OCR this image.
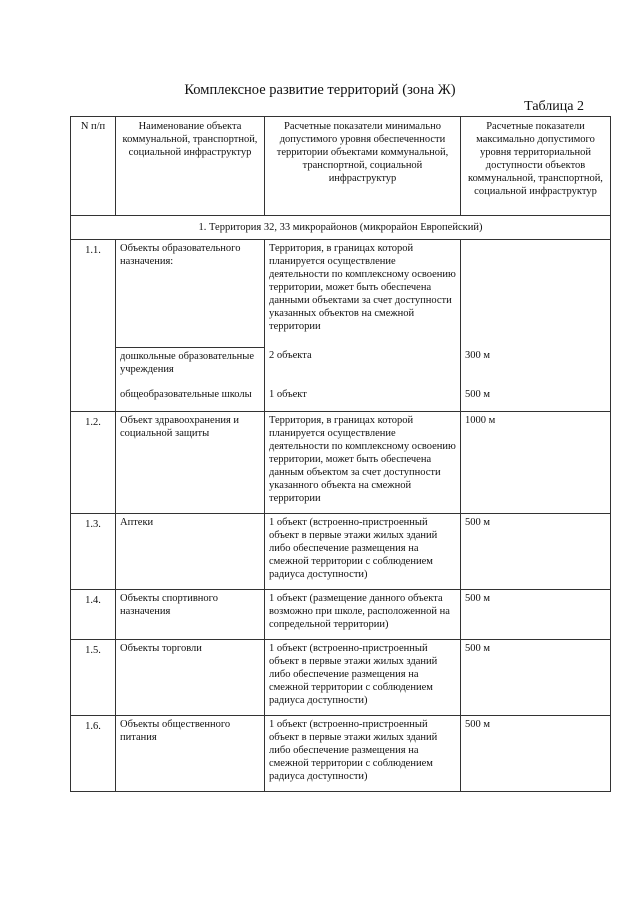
Комплексное развитие территорий (зона Ж)
Таблица 2
N п/п	Наименование объекта коммунальной, транспортной, социальной инфраструктур	Расчетные показатели минимально допустимого уровня обеспеченности территории объектами коммунальной, транспортной, социальной инфраструктур	Расчетные показатели максимально допустимого уровня территориальной доступности объектов коммунальной, транспортной, социальной инфраструктур
1. Территория 32, 33 микрорайонов (микрорайон Европейский)			
1.1.	Объекты образовательного назначения:	Территория, в границах которой планируется осуществление деятельности по комплексному освоению территории, может быть обеспечена данными объектами за счет доступности указанных объектов на смежной территории	
	дошкольные образовательные учреждения	2 объекта	300 м
	общеобразовательные школы	1 объект	500 м
1.2.	Объект здравоохранения и социальной защиты	Территория, в границах которой планируется осуществление деятельности по комплексному освоению территории, может быть обеспечена данным объектом за счет доступности указанного объекта на смежной территории	1000 м
1.3.	Аптеки	1 объект (встроенно-пристроенный объект в первые этажи жилых зданий либо обеспечение размещения на смежной территории с соблюдением радиуса доступности)	500 м
1.4.	Объекты спортивного назначения	1 объект (размещение данного объекта возможно при школе, расположенной на сопредельной территории)	500 м
1.5.	Объекты торговли	1 объект (встроенно-пристроенный объект в первые этажи жилых зданий либо обеспечение размещения на смежной территории с соблюдением радиуса доступности)	500 м
1.6.	Объекты общественного питания	1 объект (встроенно-пристроенный объект в первые этажи жилых зданий либо обеспечение размещения на смежной территории с соблюдением радиуса доступности)	500 м
